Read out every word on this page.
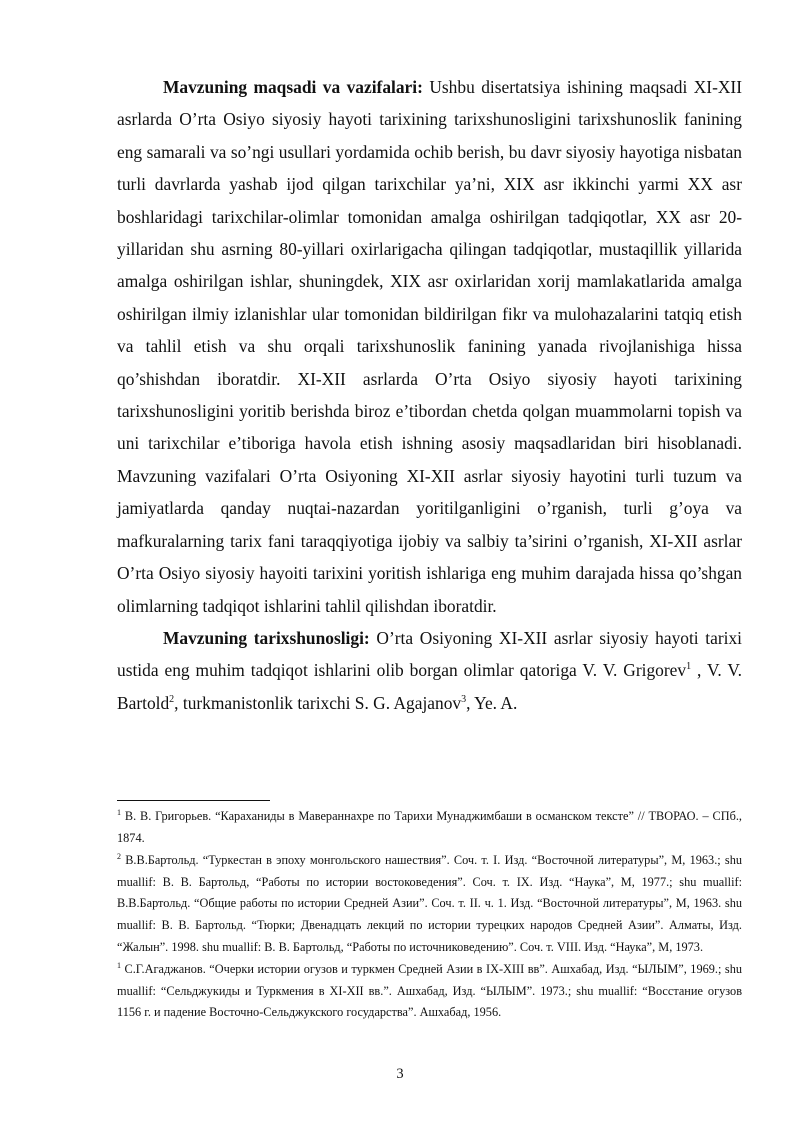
Mavzuning maqsadi va vazifalari: Ushbu disertatsiya ishining maqsadi XI-XII asrlarda O’rta Osiyo siyosiy hayoti tarixining tarixshunosligini tarixshunoslik fanining eng samarali va so’ngi usullari yordamida ochib berish, bu davr siyosiy hayotiga nisbatan turli davrlarda yashab ijod qilgan tarixchilar ya’ni, XIX asr ikkinchi yarmi XX asr boshlaridagi tarixchilar-olimlar tomonidan amalga oshirilgan tadqiqotlar, XX asr 20-yillaridan shu asrning 80-yillari oxirlarigacha qilingan tadqiqotlar, mustaqillik yillarida amalga oshirilgan ishlar, shuningdek, XIX asr oxirlaridan xorij mamlakatlarida amalga oshirilgan ilmiy izlanishlar ular tomonidan bildirilgan fikr va mulohazalarini tatqiq etish va tahlil etish va shu orqali tarixshunoslik fanining yanada rivojlanishiga hissa qo’shishdan iboratdir. XI-XII asrlarda O’rta Osiyo siyosiy hayoti tarixining tarixshunosligini yoritib berishda biroz e’tibordan chetda qolgan muammolarni topish va uni tarixchilar e’tiboriga havola etish ishning asosiy maqsadlaridan biri hisoblanadi. Mavzuning vazifalari O’rta Osiyoning XI-XII asrlar siyosiy hayotini turli tuzum va jamiyatlarda qanday nuqtai-nazardan yoritilganligini o’rganish, turli g’oya va mafkuralarning tarix fani taraqqiyotiga ijobiy va salbiy ta’sirini o’rganish, XI-XII asrlar O’rta Osiyo siyosiy hayoiti tarixini yoritish ishlariga eng muhim darajada hissa qo’shgan olimlarning tadqiqot ishlarini tahlil qilishdan iboratdir.

Mavzuning tarixshunosligi: O’rta Osiyoning XI-XII asrlar siyosiy hayoti tarixi ustida eng muhim tadqiqot ishlarini olib borgan olimlar qatoriga V. V. Grigorev$^1$ , V. V. Bartold$^2$, turkmanistonlik tarixchi S. G. Agajanov$^3$, Ye. A.

$^1$ В. В. Григорьев. “Караханиды в Мавераннахре по Тарихи Мунаджимбаши в османском тексте” // ТВОРАО. – СПб., 1874.

$^2$ В.В.Бартольд. “Туркестан в эпоху монгольского нашествия”. Соч. т. I. Изд. “Восточной литературы”, М, 1963.; shu muallif: В. В. Бартольд, “Работы по истории востоковедения”. Соч. т. IX. Изд. “Наука”, М, 1977.; shu muallif: В.В.Бартольд. “Общие работы по истории Средней Азии”. Соч. т. II. ч. 1. Изд. “Восточной литературы”, М, 1963. shu muallif: В. В. Бартольд. “Тюрки; Двенадцать лекций по истории турецких народов Средней Азии”. Алматы, Изд. “Жалын”. 1998. shu muallif: В. В. Бартольд, “Работы по источниковедению”. Соч. т. VIII. Изд. “Наука”, М, 1973.

$^1$ С.Г.Агаджанов. “Очерки истории огузов и туркмен Средней Азии в IX-XIII вв”. Ашхабад, Изд. “ЫЛЫМ”, 1969.; shu muallif: “Сельджукиды и Туркмения в XI-XII вв.”. Ашхабад, Изд. “ЫЛЫМ”. 1973.; shu muallif: “Восстание огузов 1156 г. и падение Восточно-Сельджукского государства”. Ашхабад, 1956.

3
